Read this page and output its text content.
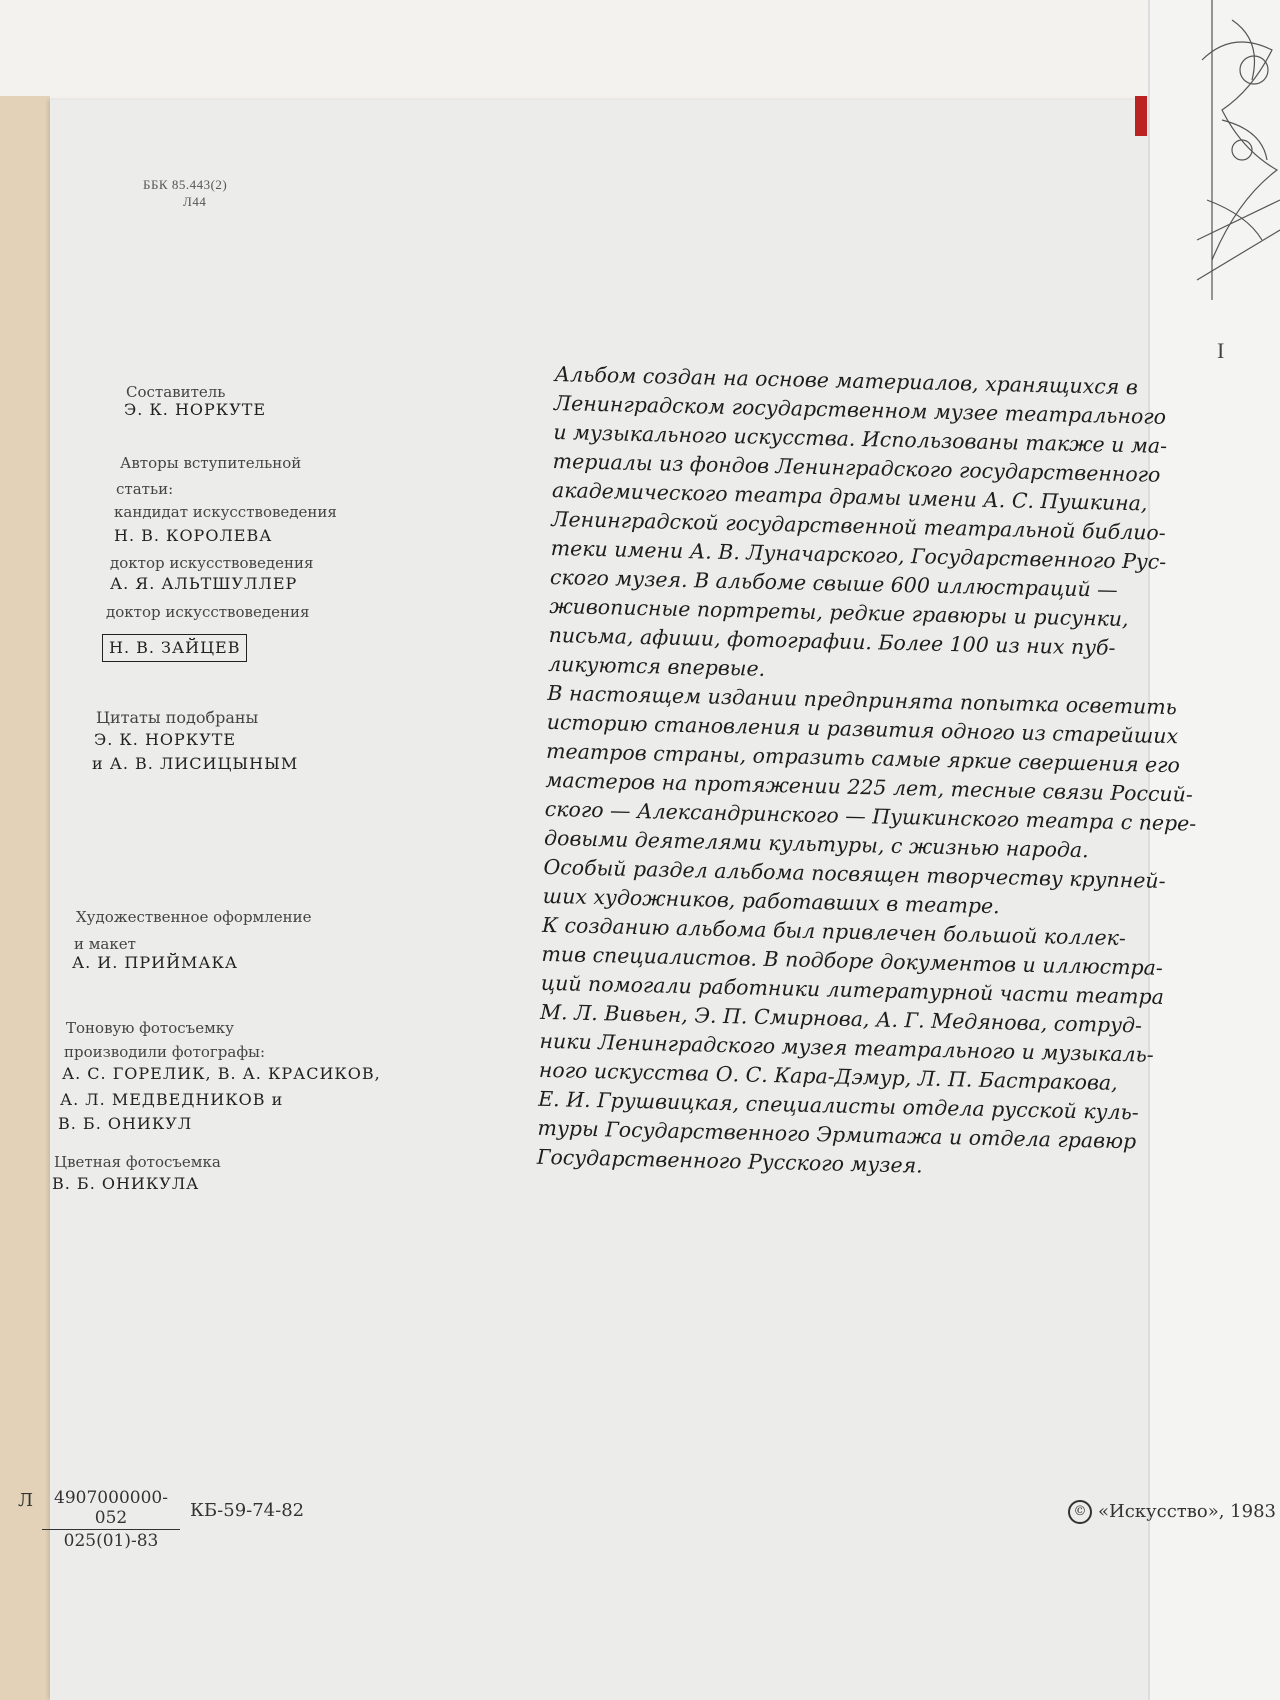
I
ББК 85.443(2)
Л44
Составитель
Э. К. НОРКУТЕ
Авторы вступительной
статьи:
кандидат искусствоведения
Н. В. КОРОЛЕВА
доктор искусствоведения
А. Я. АЛЬТШУЛЛЕР
доктор искусствоведения
Н. В. ЗАЙЦЕВ
Цитаты подобраны
Э. К. НОРКУТЕ
и А. В. ЛИСИЦЫНЫМ
Художественное оформление
и макет
А. И. ПРИЙМАКА
Тоновую фотосъемку
производили фотографы:
А. С. ГОРЕЛИК, В. А. КРАСИКОВ,
А. Л. МЕДВЕДНИКОВ и
В. Б. ОНИКУЛ
Цветная фотосъемка
В. Б. ОНИКУЛА
Альбом создан на основе материалов, хранящихся в
Ленинградском государственном музее театрального
и музыкального искусства. Использованы также и ма-
териалы из фондов Ленинградского государственного
академического театра драмы имени А. С. Пушкина,
Ленинградской государственной театральной библио-
теки имени А. В. Луначарского, Государственного Рус-
ского музея. В альбоме свыше 600 иллюстраций —
живописные портреты, редкие гравюры и рисунки,
письма, афиши, фотографии. Более 100 из них пуб-
ликуются впервые.
В настоящем издании предпринята попытка осветить
историю становления и развития одного из старейших
театров страны, отразить самые яркие свершения его
мастеров на протяжении 225 лет, тесные связи Россий-
ского — Александринского — Пушкинского театра с пере-
довыми деятелями культуры, с жизнью народа.
Особый раздел альбома посвящен творчеству крупней-
ших художников, работавших в театре.
К созданию альбома был привлечен большой коллек-
тив специалистов. В подборе документов и иллюстра-
ций помогали работники литературной части театра
М. Л. Вивьен, Э. П. Смирнова, А. Г. Медянова, сотруд-
ники Ленинградского музея театрального и музыкаль-
ного искусства О. С. Кара-Дэмур, Л. П. Бастракова,
Е. И. Грушвицкая, специалисты отдела русской куль-
туры Государственного Эрмитажа и отдела гравюр
Государственного Русского музея.
Л	4907000000-052
025(01)-83
КБ-59-74-82	© «Искусство», 1983
